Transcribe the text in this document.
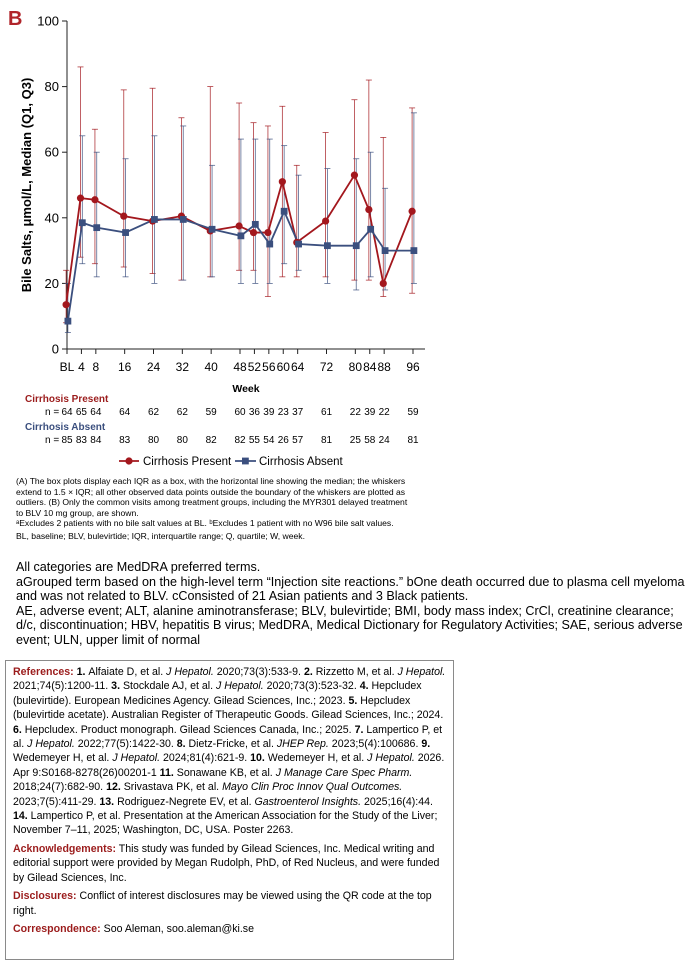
B
0
20
40
60
80
100
Bile Salts, μmol/L, Median (Q1, Q3)
BL 4 8 16 24 32 40 48 52 56 60 64 72 80 84 88 96
Week
Cirrhosis Present
n = 64 65 64 64 62 62 59 60 36 39 23 37 61 22 39 22 59
Cirrhosis Absent
n = 85 83 84 83 80 80 82 82 55 54 26 57 81 25 58 24 81
Cirrhosis Present Cirrhosis Absent

(A) The box plots display each IQR as a box, with the horizontal line showing the median; the whiskers extend to 1.5 × IQR; all other observed data points outside the boundary of the whiskers are plotted as outliers. (B) Only the common visits among treatment groups, including the MYR301 delayed treatment to BLV 10 mg group, are shown.

ᵃExcludes 2 patients with no bile salt values at BL. ᵇExcludes 1 patient with no W96 bile salt values.

BL, baseline; BLV, bulevirtide; IQR, interquartile range; Q, quartile; W, week.

All categories are MedDRA preferred terms.

aGrouped term based on the high-level term “Injection site reactions.” bOne death occurred due to plasma cell myeloma and was not related to BLV. cConsisted of 21 Asian patients and 3 Black patients.

AE, adverse event; ALT, alanine aminotransferase; BLV, bulevirtide; BMI, body mass index; CrCl, creatinine clearance; d/c, discontinuation; HBV, hepatitis B virus; MedDRA, Medical Dictionary for Regulatory Activities; SAE, serious adverse event; ULN, upper limit of normal

References: 1. Alfaiate D, et al. J Hepatol. 2020;73(3):533-9. 2. Rizzetto M, et al. J Hepatol. 2021;74(5):1200-11. 3. Stockdale AJ, et al. J Hepatol. 2020;73(3):523-32. 4. Hepcludex (bulevirtide). European Medicines Agency. Gilead Sciences, Inc.; 2023. 5. Hepcludex (bulevirtide acetate). Australian Register of Therapeutic Goods. Gilead Sciences, Inc.; 2024. 6. Hepcludex. Product monograph. Gilead Sciences Canada, Inc.; 2025. 7. Lampertico P, et al. J Hepatol. 2022;77(5):1422-30. 8. Dietz-Fricke, et al. JHEP Rep. 2023;5(4):100686. 9. Wedemeyer H, et al. J Hepatol. 2024;81(4):621-9. 10. Wedemeyer H, et al. J Hepatol. 2026. Apr 9:S0168-8278(26)00201-1 11. Sonawane KB, et al. J Manage Care Spec Pharm. 2018;24(7):682-90. 12. Srivastava PK, et al. Mayo Clin Proc Innov Qual Outcomes. 2023;7(5):411-29. 13. Rodriguez-Negrete EV, et al. Gastroenterol Insights. 2025;16(4):44. 14. Lampertico P, et al. Presentation at the American Association for the Study of the Liver; November 7–11, 2025; Washington, DC, USA. Poster 2263.

Acknowledgements: This study was funded by Gilead Sciences, Inc. Medical writing and editorial support were provided by Megan Rudolph, PhD, of Red Nucleus, and were funded by Gilead Sciences, Inc.

Disclosures: Conflict of interest disclosures may be viewed using the QR code at the top right.

Correspondence: Soo Aleman, soo.aleman@ki.se
